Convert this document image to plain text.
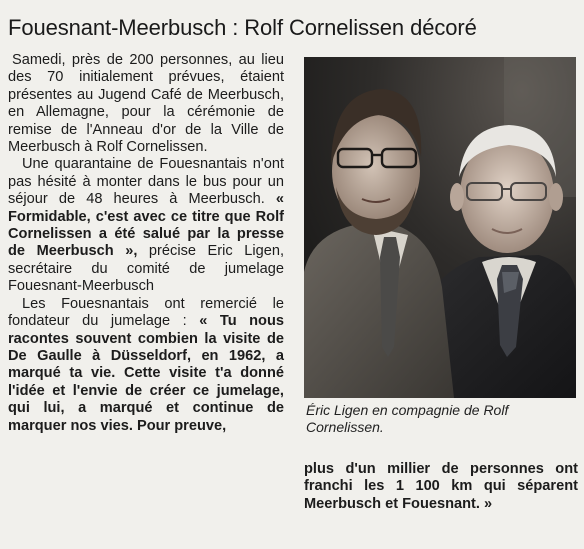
Fouesnant-Meerbusch : Rolf Cornelissen décoré

Samedi, près de 200 personnes, au lieu des 70 initialement prévues, étaient présentes au Jugend Café de Meerbusch, en Allemagne, pour la cérémonie de remise de l'Anneau d'or de la Ville de Meerbusch à Rolf Cornelissen.

Une quarantaine de Fouesnantais n'ont pas hésité à monter dans le bus pour un séjour de 48 heures à Meerbusch. « Formidable, c'est avec ce titre que Rolf Cornelissen a été salué par la presse de Meerbusch », précise Eric Ligen, secrétaire du comité de jumelage Fouesnant-Meerbusch

Les Fouesnantais ont remercié le fondateur du jumelage : « Tu nous racontes souvent combien la visite de De Gaulle à Düsseldorf, en 1962, a marqué ta vie. Cette visite t'a donné l'idée et l'envie de créer ce jumelage, qui lui, a marqué et continue de marquer nos vies. Pour preuve,

Éric Ligen en compagnie de Rolf Cornelissen.

plus d'un millier de personnes ont franchi les 1 100 km qui séparent Meerbusch et Fouesnant. »
